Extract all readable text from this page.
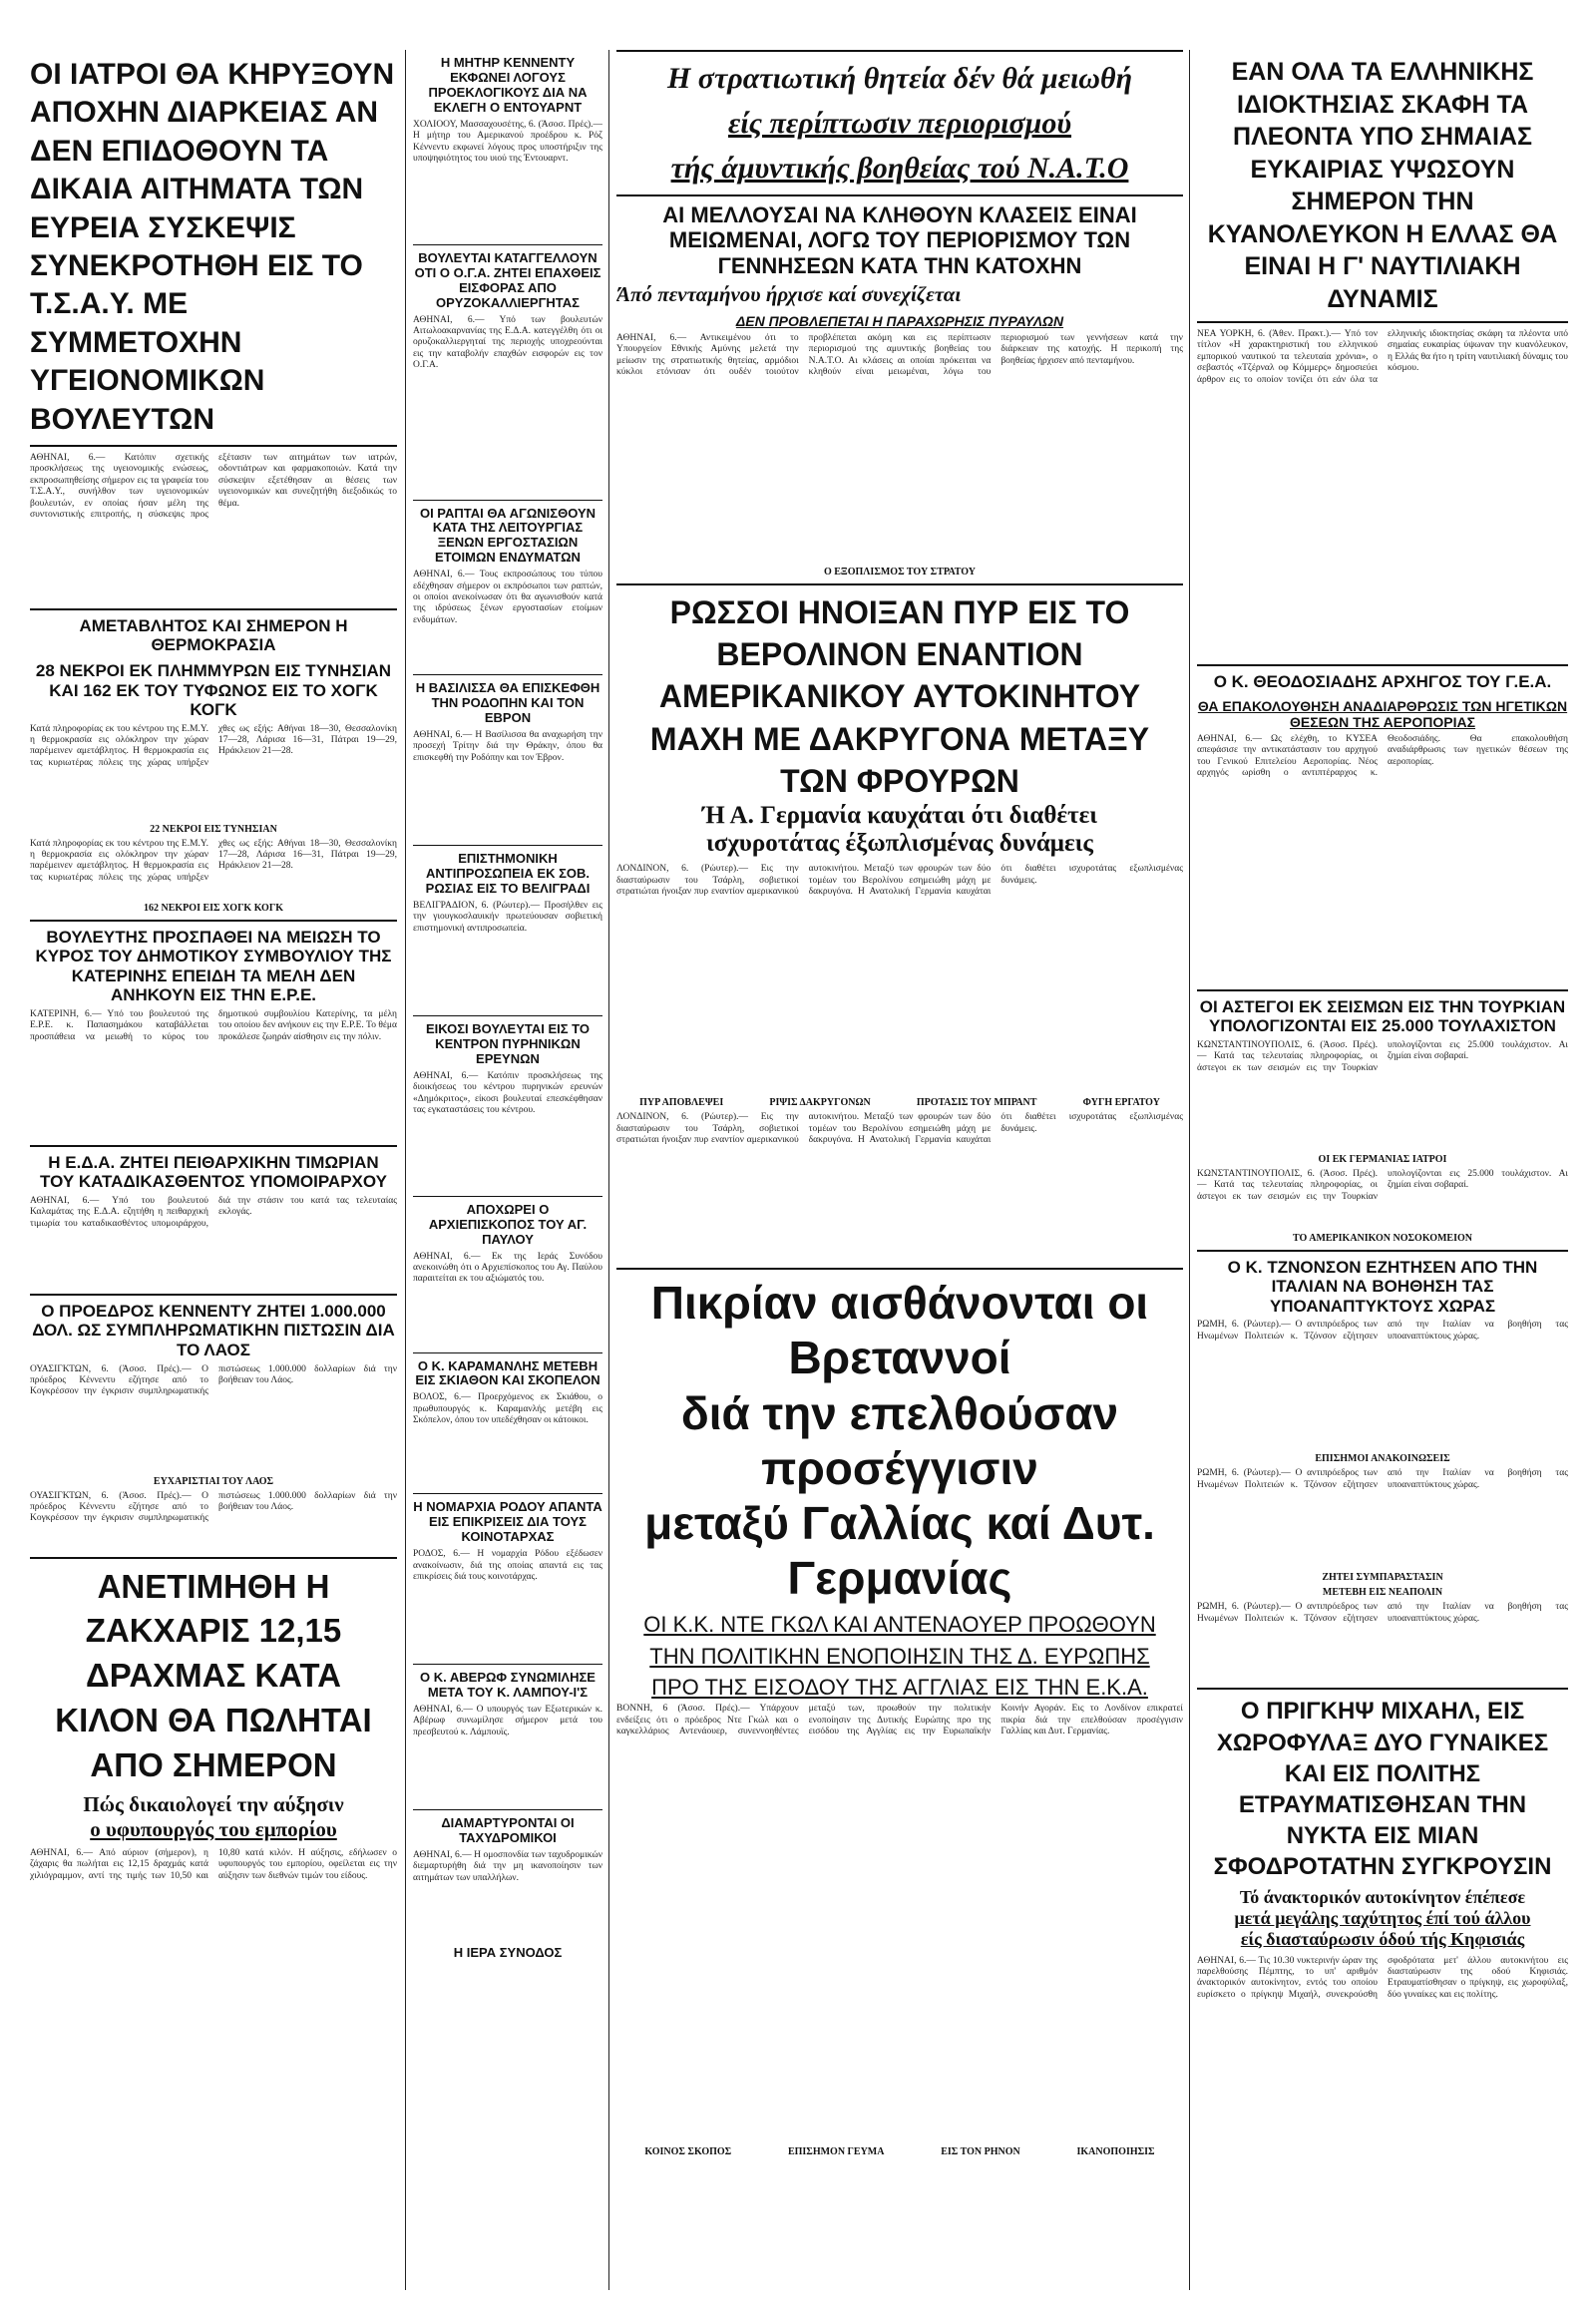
ΟΙ ΙΑΤΡΟΙ ΘΑ ΚΗΡΥΞΟΥΝ ΑΠΟΧΗΝ ΔΙΑΡΚΕΙΑΣ ΑΝ ΔΕΝ ΕΠΙΔΟΘΟΥΝ ΤΑ ΔΙΚΑΙΑ ΑΙΤΗΜΑΤΑ ΤΩΝ ΕΥΡΕΙΑ ΣΥΣΚΕΨΙΣ ΣΥΝΕΚΡΟΤΗΘΗ ΕΙΣ ΤΟ Τ.Σ.Α.Υ. ΜΕ ΣΥΜΜΕΤΟΧΗΝ ΥΓΕΙΟΝΟΜΙΚΩΝ ΒΟΥΛΕΥΤΩΝ
ΑΘΗΝΑΙ, 6.— Κατόπιν σχετικής προσκλήσεως της υγειονομικής ενώσεως, εκπροσωπηθείσης σήμερον εις τα γραφεία του Τ.Σ.Α.Υ., συνήλθον των υγειονομικών βουλευτών, εν οποίας ήσαν μέλη της συντονιστικής επιτροπής, η σύσκεψις προς εξέτασιν των αιτημάτων των ιατρών, οδοντιάτρων και φαρμακοποιών. Κατά την σύσκεψιν εξετέθησαν αι θέσεις των υγειονομικών και συνεζητήθη διεξοδικώς το θέμα.
ΑΜΕΤΑΒΛΗΤΟΣ ΚΑΙ ΣΗΜΕΡΟΝ Η ΘΕΡΜΟΚΡΑΣΙΑ
28 ΝΕΚΡΟΙ ΕΚ ΠΛΗΜΜΥΡΩΝ ΕΙΣ ΤΥΝΗΣΙΑΝ ΚΑΙ 162 ΕΚ ΤΟΥ ΤΥΦΩΝΟΣ ΕΙΣ ΤΟ ΧΟΓΚ ΚΟΓΚ
Κατά πληροφορίας εκ του κέντρου της Ε.Μ.Υ. η θερμοκρασία εις ολόκληρον την χώραν παρέμεινεν αμετάβλητος. Η θερμοκρασία εις τας κυριωτέρας πόλεις της χώρας υπήρξεν χθες ως εξής: Αθήναι 18—30, Θεσσαλονίκη 17—28, Λάρισα 16—31, Πάτραι 19—29, Ηράκλειον 21—28.
22 ΝΕΚΡΟΙ ΕΙΣ ΤΥΝΗΣΙΑΝ
Κατά πληροφορίας εκ του κέντρου της Ε.Μ.Υ. η θερμοκρασία εις ολόκληρον την χώραν παρέμεινεν αμετάβλητος. Η θερμοκρασία εις τας κυριωτέρας πόλεις της χώρας υπήρξεν χθες ως εξής: Αθήναι 18—30, Θεσσαλονίκη 17—28, Λάρισα 16—31, Πάτραι 19—29, Ηράκλειον 21—28.
162 ΝΕΚΡΟΙ ΕΙΣ ΧΟΓΚ ΚΟΓΚ
ΒΟΥΛΕΥΤΗΣ ΠΡΟΣΠΑΘΕΙ ΝΑ ΜΕΙΩΣΗ ΤΟ ΚΥΡΟΣ ΤΟΥ ΔΗΜΟΤΙΚΟΥ ΣΥΜΒΟΥΛΙΟΥ ΤΗΣ ΚΑΤΕΡΙΝΗΣ ΕΠΕΙΔΗ ΤΑ ΜΕΛΗ ΔΕΝ ΑΝΗΚΟΥΝ ΕΙΣ ΤΗΝ Ε.Ρ.Ε.
ΚΑΤΕΡΙΝΗ, 6.— Υπό του βουλευτού της Ε.Ρ.Ε. κ. Παπασημάκου καταβάλλεται προσπάθεια να μειωθή το κύρος του δημοτικού συμβουλίου Κατερίνης, τα μέλη του οποίου δεν ανήκουν εις την Ε.Ρ.Ε. Το θέμα προκάλεσε ζωηράν αίσθησιν εις την πόλιν.
Η Ε.Δ.Α. ΖΗΤΕΙ ΠΕΙΘΑΡΧΙΚΗΝ ΤΙΜΩΡΙΑΝ ΤΟΥ ΚΑΤΑΔΙΚΑΣΘΕΝΤΟΣ ΥΠΟΜΟΙΡΑΡΧΟΥ
ΑΘΗΝΑΙ, 6.— Υπό του βουλευτού Καλαμάτας της Ε.Δ.Α. εζητήθη η πειθαρχική τιμωρία του καταδικασθέντος υπομοιράρχου, διά την στάσιν του κατά τας τελευταίας εκλογάς.
Ο ΠΡΟΕΔΡΟΣ ΚΕΝΝΕΝΤΥ ΖΗΤΕΙ 1.000.000 ΔΟΛ. ΩΣ ΣΥΜΠΛΗΡΩΜΑΤΙΚΗΝ ΠΙΣΤΩΣΙΝ ΔΙΑ ΤΟ ΛΑΟΣ
ΟΥΑΣΙΓΚΤΩΝ, 6. (Άσοσ. Πρές).— Ο πρόεδρος Κέννεντυ εζήτησε από το Κογκρέσσον την έγκρισιν συμπληρωματικής πιστώσεως 1.000.000 δολλαρίων διά την βοήθειαν του Λάος.
ΕΥΧΑΡΙΣΤΙΑΙ ΤΟΥ ΛΑΟΣ
ΟΥΑΣΙΓΚΤΩΝ, 6. (Άσοσ. Πρές).— Ο πρόεδρος Κέννεντυ εζήτησε από το Κογκρέσσον την έγκρισιν συμπληρωματικής πιστώσεως 1.000.000 δολλαρίων διά την βοήθειαν του Λάος.
ΑΝΕΤΙΜΗΘΗ Η ΖΑΚΧΑΡΙΣ 12,15 ΔΡΑΧΜΑΣ ΚΑΤΑ ΚΙΛΟΝ ΘΑ ΠΩΛΗΤΑΙ ΑΠΟ ΣΗΜΕΡΟΝ
Πώς δικαιολογεί την αύξησιν
ο υφυπουργός του εμπορίου
ΑΘΗΝΑΙ, 6.— Από αύριον (σήμερον), η ζάχαρις θα πωλήται εις 12,15 δραχμάς κατά χιλιόγραμμον, αντί της τιμής των 10,50 και 10,80 κατά κιλόν. Η αύξησις, εδήλωσεν ο υφυπουργός του εμπορίου, οφείλεται εις την αύξησιν των διεθνών τιμών του είδους.
Η ΜΗΤΗΡ ΚΕΝΝΕΝΤΥ ΕΚΦΩΝΕΙ ΛΟΓΟΥΣ ΠΡΟΕΚΛΟΓΙΚΟΥΣ ΔΙΑ ΝΑ ΕΚΛΕΓΗ Ο ΕΝΤΟΥΑΡΝΤ
ΧΟΛΙΟΟΥ, Μασσαχουσέτης, 6. (Άσοσ. Πρές).— Η μήτηρ του Αμερικανού προέδρου κ. Ρόζ Κέννεντυ εκφωνεί λόγους προς υποστήριξιν της υποψηφιότητος του υιού της Έντουαρντ.
ΒΟΥΛΕΥΤΑΙ ΚΑΤΑΓΓΕΛΛΟΥΝ ΟΤΙ Ο Ο.Γ.Α. ΖΗΤΕΙ ΕΠΑΧΘΕΙΣ ΕΙΣΦΟΡΑΣ ΑΠΟ ΟΡΥΖΟΚΑΛΛΙΕΡΓΗΤΑΣ
ΑΘΗΝΑΙ, 6.— Υπό των βουλευτών Αιτωλοακαρνανίας της Ε.Δ.Α. κατεγγέλθη ότι οι ορυζοκαλλιεργηταί της περιοχής υποχρεούνται εις την καταβολήν επαχθών εισφορών εις τον Ο.Γ.Α.
ΟΙ ΡΑΠΤΑΙ ΘΑ ΑΓΩΝΙΣΘΟΥΝ ΚΑΤΑ ΤΗΣ ΛΕΙΤΟΥΡΓΙΑΣ ΞΕΝΩΝ ΕΡΓΟΣΤΑΣΙΩΝ ΕΤΟΙΜΩΝ ΕΝΔΥΜΑΤΩΝ
ΑΘΗΝΑΙ, 6.— Τους εκπροσώπους του τύπου εδέχθησαν σήμερον οι εκπρόσωποι των ραπτών, οι οποίοι ανεκοίνωσαν ότι θα αγωνισθούν κατά της ιδρύσεως ξένων εργοστασίων ετοίμων ενδυμάτων.
Η ΒΑΣΙΛΙΣΣΑ ΘΑ ΕΠΙΣΚΕΦΘΗ ΤΗΝ ΡΟΔΟΠΗΝ ΚΑΙ ΤΟΝ ΕΒΡΟΝ
ΑΘΗΝΑΙ, 6.— Η Βασίλισσα θα αναχωρήση την προσεχή Τρίτην διά την Θράκην, όπου θα επισκεφθή την Ροδόπην και τον Έβρον.
ΕΠΙΣΤΗΜΟΝΙΚΗ ΑΝΤΙΠΡΟΣΩΠΕΙΑ ΕΚ ΣΟΒ. ΡΩΣΙΑΣ ΕΙΣ ΤΟ ΒΕΛΙΓΡΑΔΙ
ΒΕΛΙΓΡΑΔΙΟΝ, 6. (Ρώυτερ).— Προσήλθεν εις την γιουγκοσλαυικήν πρωτεύουσαν σοβιετική επιστημονική αντιπροσωπεία.
ΕΙΚΟΣΙ ΒΟΥΛΕΥΤΑΙ ΕΙΣ ΤΟ ΚΕΝΤΡΟΝ ΠΥΡΗΝΙΚΩΝ ΕΡΕΥΝΩΝ
ΑΘΗΝΑΙ, 6.— Κατόπιν προσκλήσεως της διοικήσεως του κέντρου πυρηνικών ερευνών «Δημόκριτος», είκοσι βουλευταί επεσκέφθησαν τας εγκαταστάσεις του κέντρου.
ΑΠΟΧΩΡΕΙ Ο ΑΡΧΙΕΠΙΣΚΟΠΟΣ ΤΟΥ ΑΓ. ΠΑΥΛΟΥ
ΑΘΗΝΑΙ, 6.— Εκ της Ιεράς Συνόδου ανεκοινώθη ότι ο Αρχιεπίσκοπος του Αγ. Παύλου παραιτείται εκ του αξιώματός του.
Ο Κ. ΚΑΡΑΜΑΝΛΗΣ ΜΕΤΕΒΗ ΕΙΣ ΣΚΙΑΘΟΝ ΚΑΙ ΣΚΟΠΕΛΟΝ
ΒΟΛΟΣ, 6.— Προερχόμενος εκ Σκιάθου, ο πρωθυπουργός κ. Καραμανλής μετέβη εις Σκόπελον, όπου τον υπεδέχθησαν οι κάτοικοι.
Η ΝΟΜΑΡΧΙΑ ΡΟΔΟΥ ΑΠΑΝΤΑ ΕΙΣ ΕΠΙΚΡΙΣΕΙΣ ΔΙΑ ΤΟΥΣ ΚΟΙΝΟΤΑΡΧΑΣ
ΡΟΔΟΣ, 6.— Η νομαρχία Ρόδου εξέδωσεν ανακοίνωσιν, διά της οποίας απαντά εις τας επικρίσεις διά τους κοινοτάρχας.
Ο Κ. ΑΒΕΡΩΦ ΣΥΝΩΜΙΛΗΣΕ ΜΕΤΑ ΤΟΥ Κ. ΛΑΜΠΟΥ-Ι'Σ
ΑΘΗΝΑΙ, 6.— Ο υπουργός των Εξωτερικών κ. Αβέρωφ συνωμίλησε σήμερον μετά του πρεσβευτού κ. Λάμπουϊς.
ΔΙΑΜΑΡΤΥΡΟΝΤΑΙ ΟΙ ΤΑΧΥΔΡΟΜΙΚΟΙ
ΑΘΗΝΑΙ, 6.— Η ομοσπονδία των ταχυδρομικών διεμαρτυρήθη διά την μη ικανοποίησιν των αιτημάτων των υπαλλήλων.
Η ΙΕΡΑ ΣΥΝΟΔΟΣ
Η στρατιωτική θητεία δέν θά μειωθή
είς περίπτωσιν περιορισμού
τής άμυντικής βοηθείας τού Ν.Α.Τ.Ο
ΑΙ ΜΕΛΛΟΥΣΑΙ ΝΑ ΚΛΗΘΟΥΝ ΚΛΑΣΕΙΣ ΕΙΝΑΙ ΜΕΙΩΜΕΝΑΙ, ΛΟΓΩ ΤΟΥ ΠΕΡΙΟΡΙΣΜΟΥ ΤΩΝ ΓΕΝΝΗΣΕΩΝ ΚΑΤΑ ΤΗΝ ΚΑΤΟΧΗΝ
Άπό πενταμήνου ήρχισε καί συνεχίζεται
ΔΕΝ ΠΡΟΒΛΕΠΕΤΑΙ Η ΠΑΡΑΧΩΡΗΣΙΣ ΠΥΡΑΥΛΩΝ
ΑΘΗΝΑΙ, 6.— Αντικειμένου ότι το Υπουργείον Εθνικής Αμύνης μελετά την μείωσιν της στρατιωτικής θητείας, αρμόδιοι κύκλοι ετόνισαν ότι ουδέν τοιούτον προβλέπεται ακόμη και εις περίπτωσιν περιορισμού της αμυντικής βοηθείας του Ν.Α.Τ.Ο. Αι κλάσεις αι οποίαι πρόκειται να κληθούν είναι μειωμέναι, λόγω του περιορισμού των γεννήσεων κατά την διάρκειαν της κατοχής. Η περικοπή της βοηθείας ήρχισεν από πενταμήνου.
Ο ΕΞΟΠΛΙΣΜΟΣ ΤΟΥ ΣΤΡΑΤΟΥ
ΡΩΣΣΟΙ ΗΝΟΙΞΑΝ ΠΥΡ ΕΙΣ ΤΟ ΒΕΡΟΛΙΝΟΝ ΕΝΑΝΤΙΟΝ ΑΜΕΡΙΚΑΝΙΚΟΥ ΑΥΤΟΚΙΝΗΤΟΥ ΜΑΧΗ ΜΕ ΔΑΚΡΥΓΟΝΑ ΜΕΤΑΞΥ ΤΩΝ ΦΡΟΥΡΩΝ
Ή Α. Γερμανία καυχάται ότι διαθέτει
ισχυροτάτας έξωπλισμένας δυνάμεις
ΛΟΝΔΙΝΟΝ, 6. (Ρώυτερ).— Εις την διασταύρωσιν του Τσάρλη, σοβιετικοί στρατιώται ήνοιξαν πυρ εναντίον αμερικανικού αυτοκινήτου. Μεταξύ των φρουρών των δύο τομέων του Βερολίνου εσημειώθη μάχη με δακρυγόνα. Η Ανατολική Γερμανία καυχάται ότι διαθέτει ισχυροτάτας εξωπλισμένας δυνάμεις.
ΠΥΡ ΑΠΟΒΛΕΨΕΙ	ΡΙΨΙΣ ΔΑΚΡΥΓΟΝΩΝ	ΠΡΟΤΑΣΙΣ ΤΟΥ ΜΠΡΑΝΤ	ΦΥΓΗ ΕΡΓΑΤΟΥ
ΛΟΝΔΙΝΟΝ, 6. (Ρώυτερ).— Εις την διασταύρωσιν του Τσάρλη, σοβιετικοί στρατιώται ήνοιξαν πυρ εναντίον αμερικανικού αυτοκινήτου. Μεταξύ των φρουρών των δύο τομέων του Βερολίνου εσημειώθη μάχη με δακρυγόνα. Η Ανατολική Γερμανία καυχάται ότι διαθέτει ισχυροτάτας εξωπλισμένας δυνάμεις.
Πικρίαν αισθάνονται οι Βρεταννοί
διά την επελθούσαν προσέγγισιν
μεταξύ Γαλλίας καί Δυτ. Γερμανίας
ΟΙ Κ.Κ. ΝΤΕ ΓΚΩΛ ΚΑΙ ΑΝΤΕΝΑΟΥΕΡ ΠΡΟΩΘΟΥΝ
ΤΗΝ ΠΟΛΙΤΙΚΗΝ ΕΝΟΠΟΙΗΣΙΝ ΤΗΣ Δ. ΕΥΡΩΠΗΣ
ΠΡΟ ΤΗΣ ΕΙΣΟΔΟΥ ΤΗΣ ΑΓΓΛΙΑΣ ΕΙΣ ΤΗΝ Ε.Κ.Α.
ΒΟΝΝΗ, 6 (Άσοσ. Πρές).— Υπάρχουν ενδείξεις ότι ο πρόεδρος Ντε Γκώλ και ο καγκελλάριος Αντενάουερ, συνεννοηθέντες μεταξύ των, προωθούν την πολιτικήν ενοποίησιν της Δυτικής Ευρώπης προ της εισόδου της Αγγλίας εις την Ευρωπαϊκήν Κοινήν Αγοράν. Εις το Λονδίνον επικρατεί πικρία διά την επελθούσαν προσέγγισιν Γαλλίας και Δυτ. Γερμανίας.
ΚΟΙΝΟΣ ΣΚΟΠΟΣ	ΕΠΙΣΗΜΟΝ ΓΕΥΜΑ	ΕΙΣ ΤΟΝ ΡΗΝΟΝ	ΙΚΑΝΟΠΟΙΗΣΙΣ
ΕΑΝ ΟΛΑ ΤΑ ΕΛΛΗΝΙΚΗΣ ΙΔΙΟΚΤΗΣΙΑΣ ΣΚΑΦΗ ΤΑ ΠΛΕΟΝΤΑ ΥΠΟ ΣΗΜΑΙΑΣ ΕΥΚΑΙΡΙΑΣ ΥΨΩΣΟΥΝ ΣΗΜΕΡΟΝ ΤΗΝ ΚΥΑΝΟΛΕΥΚΟΝ Η ΕΛΛΑΣ ΘΑ ΕΙΝΑΙ Η Γ' ΝΑΥΤΙΛΙΑΚΗ ΔΥΝΑΜΙΣ
ΝΕΑ ΥΟΡΚΗ, 6. (Άθεν. Πρακτ.).— Υπό τον τίτλον «Η χαρακτηριστική του ελληνικού εμπορικού ναυτικού τα τελευταία χρόνια», ο σεβαστός «Τζέρναλ οφ Κόμμερς» δημοσιεύει άρθρον εις το οποίον τονίζει ότι εάν όλα τα ελληνικής ιδιοκτησίας σκάφη τα πλέοντα υπό σημαίας ευκαιρίας ύψωναν την κυανόλευκον, η Ελλάς θα ήτο η τρίτη ναυτιλιακή δύναμις του κόσμου.
Ο Κ. ΘΕΟΔΟΣΙΑΔΗΣ ΑΡΧΗΓΟΣ ΤΟΥ Γ.Ε.Α.
ΘΑ ΕΠΑΚΟΛΟΥΘΗΣΗ ΑΝΑΔΙΑΡΘΡΩΣΙΣ ΤΩΝ ΗΓΕΤΙΚΩΝ ΘΕΣΕΩΝ ΤΗΣ ΑΕΡΟΠΟΡΙΑΣ
ΑΘΗΝΑΙ, 6.— Ως ελέχθη, το ΚΥΣΕΑ απεφάσισε την αντικατάστασιν του αρχηγού του Γενικού Επιτελείου Αεροπορίας. Νέος αρχηγός ωρίσθη ο αντιπτέραρχος κ. Θεοδοσιάδης. Θα επακολουθήση αναδιάρθρωσις των ηγετικών θέσεων της αεροπορίας.
ΟΙ ΑΣΤΕΓΟΙ ΕΚ ΣΕΙΣΜΩΝ ΕΙΣ ΤΗΝ ΤΟΥΡΚΙΑΝ ΥΠΟΛΟΓΙΖΟΝΤΑΙ ΕΙΣ 25.000 ΤΟΥΛΑΧΙΣΤΟΝ
ΚΩΝΣΤΑΝΤΙΝΟΥΠΟΛΙΣ, 6. (Άσοσ. Πρές).— Κατά τας τελευταίας πληροφορίας, οι άστεγοι εκ των σεισμών εις την Τουρκίαν υπολογίζονται εις 25.000 τουλάχιστον. Αι ζημίαι είναι σοβαραί.
ΟΙ ΕΚ ΓΕΡΜΑΝΙΑΣ ΙΑΤΡΟΙ
ΚΩΝΣΤΑΝΤΙΝΟΥΠΟΛΙΣ, 6. (Άσοσ. Πρές).— Κατά τας τελευταίας πληροφορίας, οι άστεγοι εκ των σεισμών εις την Τουρκίαν υπολογίζονται εις 25.000 τουλάχιστον. Αι ζημίαι είναι σοβαραί.
ΤΟ ΑΜΕΡΙΚΑΝΙΚΟΝ ΝΟΣΟΚΟΜΕΙΟΝ
Ο Κ. ΤΖΝΟΝΣΟΝ ΕΖΗΤΗΣΕΝ ΑΠΟ ΤΗΝ ΙΤΑΛΙΑΝ ΝΑ ΒΟΗΘΗΣΗ ΤΑΣ ΥΠΟΑΝΑΠΤΥΚΤΟΥΣ ΧΩΡΑΣ
ΡΩΜΗ, 6. (Ρώυτερ).— Ο αντιπρόεδρος των Ηνωμένων Πολιτειών κ. Τζόνσον εζήτησεν από την Ιταλίαν να βοηθήση τας υποαναπτύκτους χώρας.
ΕΠΙΣΗΜΟΙ ΑΝΑΚΟΙΝΩΣΕΙΣ
ΡΩΜΗ, 6. (Ρώυτερ).— Ο αντιπρόεδρος των Ηνωμένων Πολιτειών κ. Τζόνσον εζήτησεν από την Ιταλίαν να βοηθήση τας υποαναπτύκτους χώρας.
ΖΗΤΕΙ ΣΥΜΠΑΡΑΣΤΑΣΙΝ
ΜΕΤΕΒΗ ΕΙΣ ΝΕΑΠΟΛΙΝ
ΡΩΜΗ, 6. (Ρώυτερ).— Ο αντιπρόεδρος των Ηνωμένων Πολιτειών κ. Τζόνσον εζήτησεν από την Ιταλίαν να βοηθήση τας υποαναπτύκτους χώρας.
Ο ΠΡΙΓΚΗΨ ΜΙΧΑΗΛ, ΕΙΣ ΧΩΡΟΦΥΛΑΞ ΔΥΟ ΓΥΝΑΙΚΕΣ ΚΑΙ ΕΙΣ ΠΟΛΙΤΗΣ ΕΤΡΑΥΜΑΤΙΣΘΗΣΑΝ ΤΗΝ ΝΥΚΤΑ ΕΙΣ ΜΙΑΝ ΣΦΟΔΡΟΤΑΤΗΝ ΣΥΓΚΡΟΥΣΙΝ
Τό άνακτορικόν αυτοκίνητον έπέπεσε
μετά μεγάλης ταχύτητος έπί τού άλλου
είς διασταύρωσιν όδού τής Κηφισιάς
ΑΘΗΝΑΙ, 6.— Τις 10.30 νυκτερινήν ώραν της παρελθούσης Πέμπτης, το υπ' αριθμόν άνακτορικόν αυτοκίνητον, εντός του οποίου ευρίσκετο ο πρίγκηψ Μιχαήλ, συνεκρούσθη σφοδρότατα μετ' άλλου αυτοκινήτου εις διασταύρωσιν της οδού Κηφισιάς. Ετραυματίσθησαν ο πρίγκηψ, εις χωροφύλαξ, δύο γυναίκες και εις πολίτης.
